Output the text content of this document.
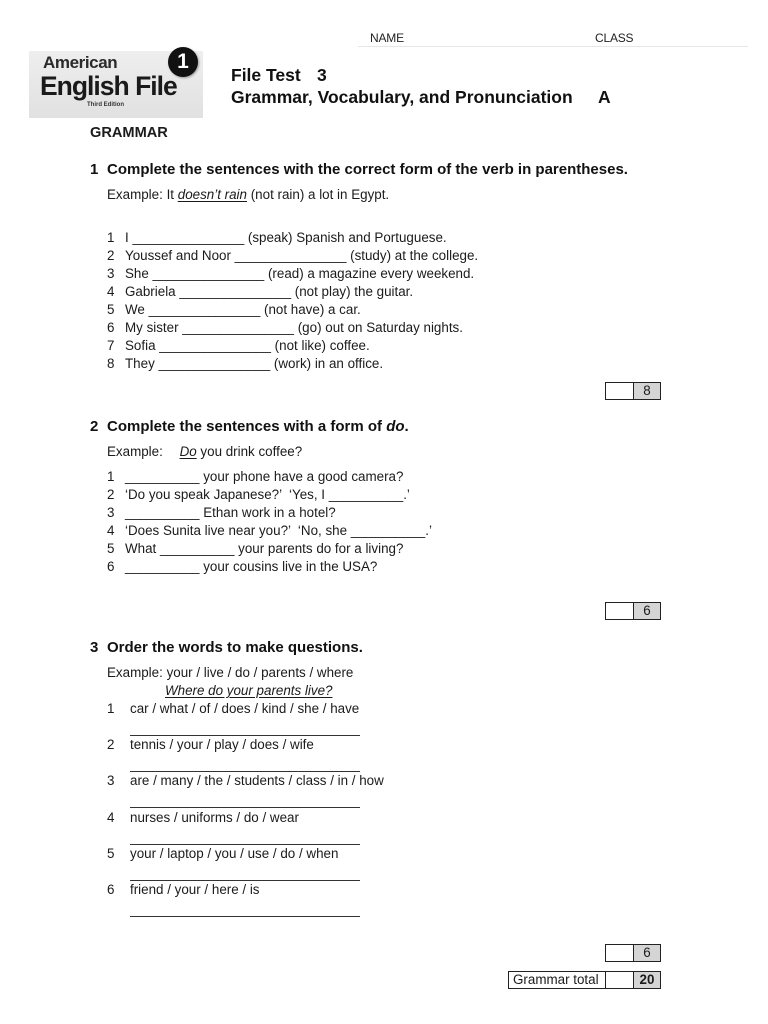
NAME	CLASS
American
English File
Third Edition
1
File Test 3
Grammar, Vocabulary, and Pronunciation A
GRAMMAR
1 Complete the sentences with the correct form of the verb in parentheses.
Example: It doesn’t rain (not rain) a lot in Egypt.
1 I _______________ (speak) Spanish and Portuguese.
2 Youssef and Noor _______________ (study) at the college.
3 She _______________ (read) a magazine every weekend.
4 Gabriela _______________ (not play) the guitar.
5 We _______________ (not have) a car.
6 My sister _______________ (go) out on Saturday nights.
7 Sofia _______________ (not like) coffee.
8 They _______________ (work) in an office.
8
2 Complete the sentences with a form of do.
Example: Do you drink coffee?
1 __________ your phone have a good camera?
2 ‘Do you speak Japanese?’  ‘Yes, I __________.’
3 __________ Ethan work in a hotel?
4 ‘Does Sunita live near you?’  ‘No, she __________.’
5 What __________ your parents do for a living?
6 __________ your cousins live in the USA?
6
3 Order the words to make questions.
Example: your / live / do / parents / where
Where do your parents live?
1 car / what / of / does / kind / she / have
2 tennis / your / play / does / wife
3 are / many / the / students / class / in / how
4 nurses / uniforms / do / wear
5 your / laptop / you / use / do / when
6 friend / your / here / is
6
Grammar total	20
